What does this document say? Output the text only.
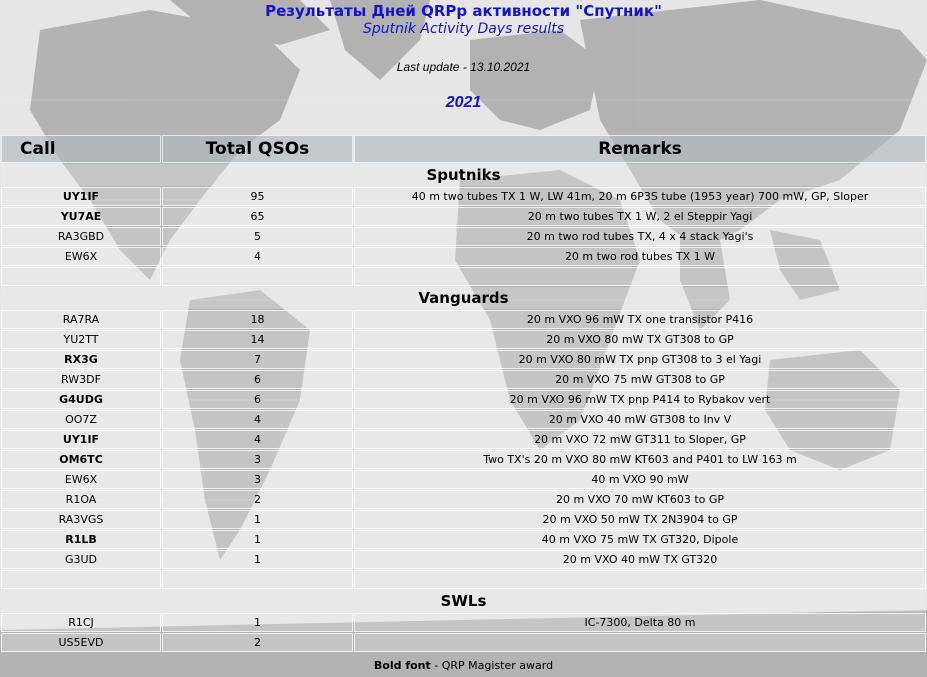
Результаты Дней QRPp активности "Спутник"
Sputnik Activity Days results
Last update - 13.10.2021
2021
Call	Total QSOs	Remarks
Sputniks		
UY1IF	95	40 m two tubes TX 1 W, LW 41m, 20 m 6P3S tube (1953 year) 700 mW, GP, Sloper
YU7AE	65	20 m two tubes TX 1 W, 2 el Steppir Yagi
RA3GBD	5	20 m two rod tubes TX, 4 x 4 stack Yagi's
EW6X	4	20 m two rod tubes TX 1 W

Vanguards		
RA7RA	18	20 m VXO 96 mW TX one transistor P416
YU2TT	14	20 m VXO 80 mW TX GT308 to GP
RX3G	7	20 m VXO 80 mW TX pnp GT308 to 3 el Yagi
RW3DF	6	20 m VXO 75 mW GT308 to GP
G4UDG	6	20 m VXO 96 mW TX pnp P414 to Rybakov vert
OO7Z	4	20 m VXO 40 mW GT308 to Inv V
UY1IF	4	20 m VXO 72 mW GT311 to Sloper, GP
OM6TC	3	Two TX's 20 m VXO 80 mW KT603 and P401 to LW 163 m
EW6X	3	40 m VXO 90 mW
R1OA	2	20 m VXO 70 mW KT603 to GP
RA3VGS	1	20 m VXO 50 mW TX 2N3904 to GP
R1LB	1	40 m VXO 75 mW TX GT320, Dipole
G3UD	1	20 m VXO 40 mW TX GT320

SWLs		
R1CJ	1	IC-7300, Delta 80 m
US5EVD	2	
Bold font - QRP Magister award
